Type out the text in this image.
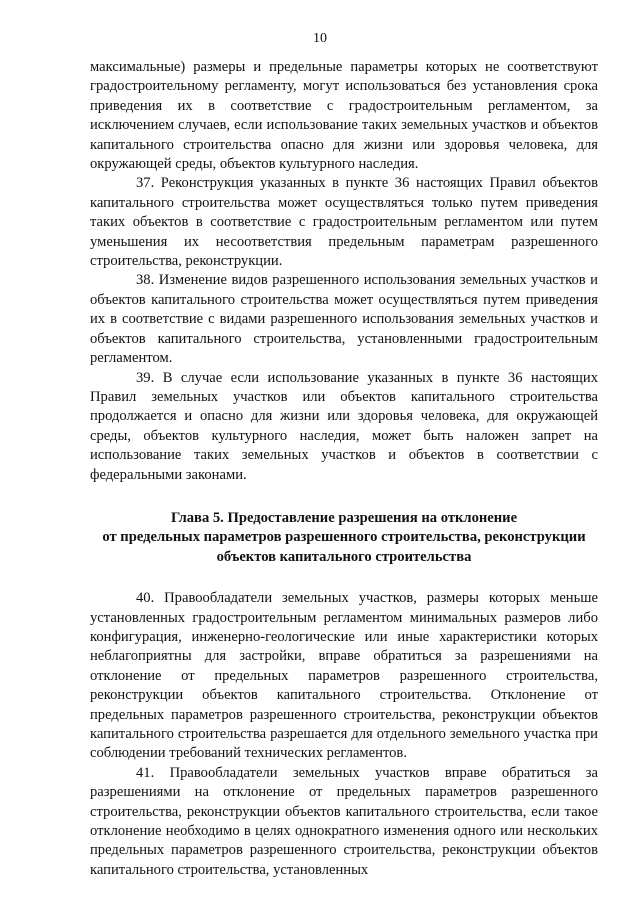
10

максимальные) размеры и предельные параметры которых не соответствуют градостроительному регламенту, могут использоваться без установления срока приведения их в соответствие с градостроительным регламентом, за исключением случаев, если использование таких земельных участков и объектов капитального строительства опасно для жизни или здоровья человека, для окружающей среды, объектов культурного наследия.

37. Реконструкция указанных в пункте 36 настоящих Правил объектов капитального строительства может осуществляться только путем приведения таких объектов в соответствие с градостроительным регламентом или путем уменьшения их несоответствия предельным параметрам разрешенного строительства, реконструкции.

38. Изменение видов разрешенного использования земельных участков и объектов капитального строительства может осуществляться путем приведения их в соответствие с видами разрешенного использования земельных участков и объектов капитального строительства, установленными градостроительным регламентом.

39. В случае если использование указанных в пункте 36 настоящих Правил земельных участков или объектов капитального строительства продолжается и опасно для жизни или здоровья человека, для окружающей среды, объектов культурного наследия, может быть наложен запрет на использование таких земельных участков и объектов в соответствии с федеральными законами.

Глава 5. Предоставление разрешения на отклонение
от предельных параметров разрешенного строительства, реконструкции
объектов капитального строительства

40. Правообладатели земельных участков, размеры которых меньше установленных градостроительным регламентом минимальных размеров либо конфигурация, инженерно-геологические или иные характеристики которых неблагоприятны для застройки, вправе обратиться за разрешениями на отклонение от предельных параметров разрешенного строительства, реконструкции объектов капитального строительства. Отклонение от предельных параметров разрешенного строительства, реконструкции объектов капитального строительства разрешается для отдельного земельного участка при соблюдении требований технических регламентов.

41. Правообладатели земельных участков вправе обратиться за разрешениями на отклонение от предельных параметров разрешенного строительства, реконструкции объектов капитального строительства, если такое отклонение необходимо в целях однократного изменения одного или нескольких предельных параметров разрешенного строительства, реконструкции объектов капитального строительства, установленных
